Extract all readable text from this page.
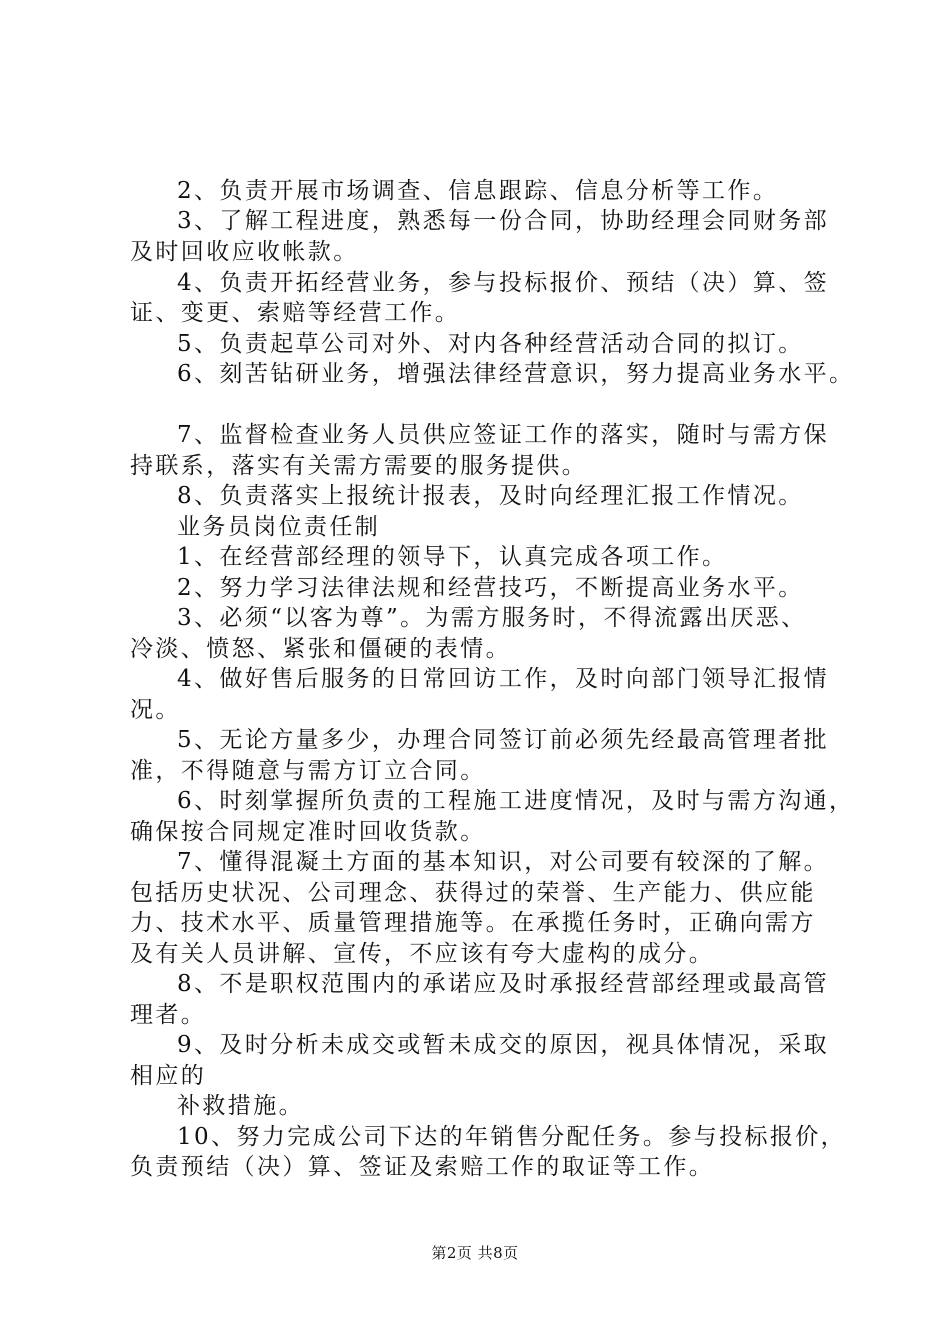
2、负责开展市场调查、信息跟踪、信息分析等工作。
3、了解工程进度，熟悉每一份合同，协助经理会同财务部
及时回收应收帐款。
4、负责开拓经营业务，参与投标报价、预结（决）算、签
证、变更、索赔等经营工作。
5、负责起草公司对外、对内各种经营活动合同的拟订。
6、刻苦钻研业务，增强法律经营意识，努力提高业务水平。
7、监督检查业务人员供应签证工作的落实，随时与需方保
持联系，落实有关需方需要的服务提供。
8、负责落实上报统计报表，及时向经理汇报工作情况。
业务员岗位责任制
1、在经营部经理的领导下，认真完成各项工作。
2、努力学习法律法规和经营技巧，不断提高业务水平。
3、必须“以客为尊”。为需方服务时，不得流露出厌恶、
冷淡、愤怒、紧张和僵硬的表情。
4、做好售后服务的日常回访工作，及时向部门领导汇报情
况。
5、无论方量多少，办理合同签订前必须先经最高管理者批
准，不得随意与需方订立合同。
6、时刻掌握所负责的工程施工进度情况，及时与需方沟通，
确保按合同规定准时回收货款。
7、懂得混凝土方面的基本知识，对公司要有较深的了解。
包括历史状况、公司理念、获得过的荣誉、生产能力、供应能
力、技术水平、质量管理措施等。在承揽任务时，正确向需方
及有关人员讲解、宣传，不应该有夸大虚构的成分。
8、不是职权范围内的承诺应及时承报经营部经理或最高管
理者。
9、及时分析未成交或暂未成交的原因，视具体情况，采取
相应的
补救措施。
10、努力完成公司下达的年销售分配任务。参与投标报价，
负责预结（决）算、签证及索赔工作的取证等工作。
第2页 共8页
